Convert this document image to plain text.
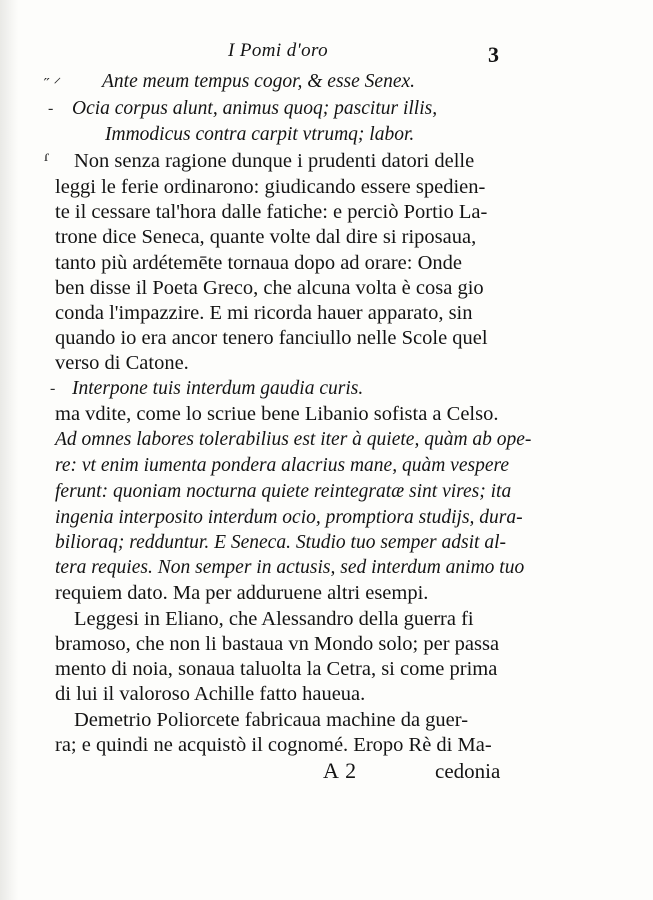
I Pomi d'oro	3
˝ ⸍
-
ɾ
-
Ante meum tempus cogor, & esse Senex.
Ocia corpus alunt, animus quoq; pascitur illis,
Immodicus contra carpit vtrumq; labor.
Non senza ragione dunque i prudenti datori delle
leggi le ferie ordinarono: giudicando essere spedien-
te il cessare tal'hora dalle fatiche: e perciò Portio La-
trone dice Seneca, quante volte dal dire si riposaua,
tanto più ardétemēte tornaua dopo ad orare: Onde
ben disse il Poeta Greco, che alcuna volta è cosa gio
conda l'impazzire. E mi ricorda hauer apparato, sin
quando io era ancor tenero fanciullo nelle Scole quel
verso di Catone.
Interpone tuis interdum gaudia curis.
ma vdite, come lo scriue bene Libanio sofista a Celso.
Ad omnes labores tolerabilius est iter à quiete, quàm ab ope-
re: vt enim iumenta pondera alacrius mane, quàm vespere
ferunt: quoniam nocturna quiete reintegratæ sint vires; ita
ingenia interposito interdum ocio, promptiora studijs, dura-
bilioraq; redduntur. E Seneca. Studio tuo semper adsit al-
tera requies. Non semper in actusis, sed interdum animo tuo
requiem dato. Ma per adduruene altri esempi.
Leggesi in Eliano, che Alessandro della guerra fi
bramoso, che non li bastaua vn Mondo solo; per passa
mento di noia, sonaua taluolta la Cetra, si come prima
di lui il valoroso Achille fatto haueua.
Demetrio Poliorcete fabricaua machine da guer-
ra; e quindi ne acquistò il cognomé. Eropo Rè di Ma-
A 2	cedonia
